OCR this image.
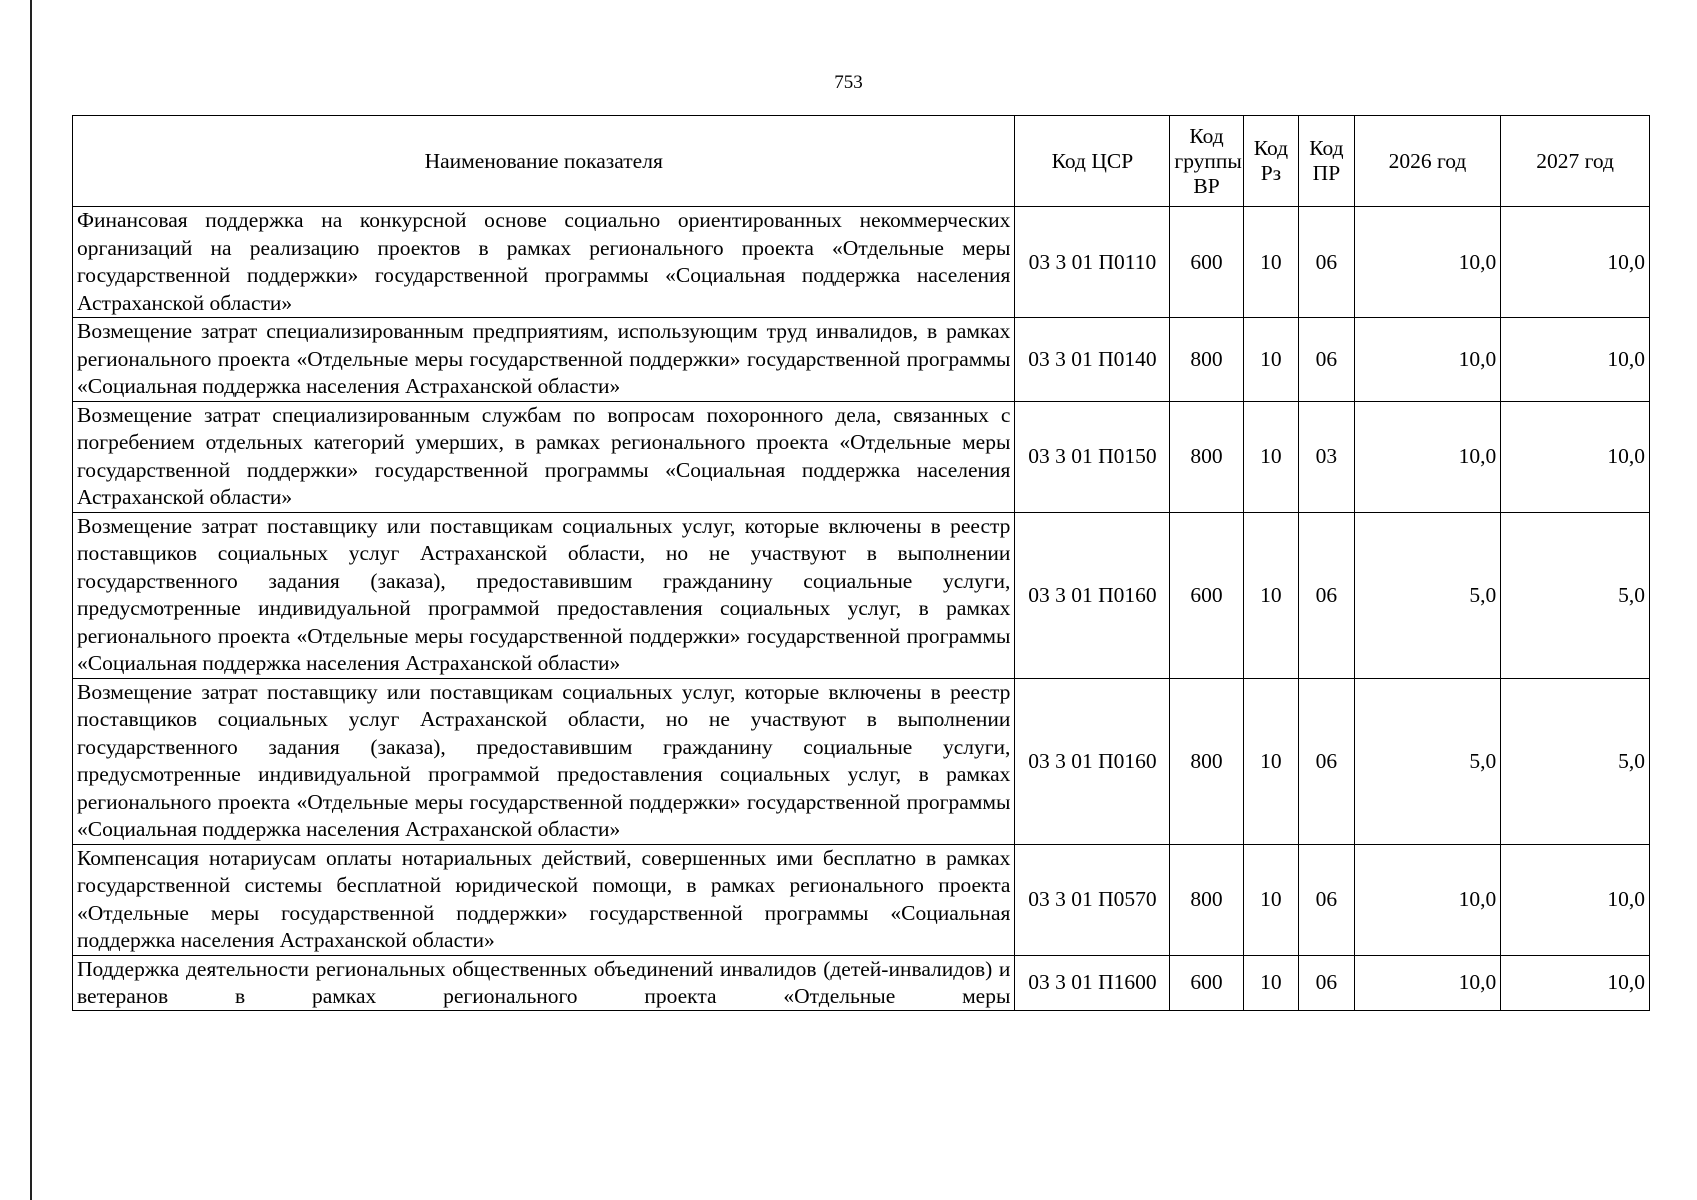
753
Наименование показателя	Код ЦСР	Код группы ВР	Код Рз	Код ПР	2026 год	2027 год
Финансовая поддержка на конкурсной основе социально ориентированных некоммерческих организаций на реализацию проектов в рамках регионального проекта «Отдельные меры государственной поддержки» государственной программы «Социальная поддержка населения Астраханской области»	03 3 01 П0110	600	10	06	10,0	10,0
Возмещение затрат специализированным предприятиям, использующим труд инвалидов, в рамках регионального проекта «Отдельные меры государственной поддержки» государственной программы «Социальная поддержка населения Астраханской области»	03 3 01 П0140	800	10	06	10,0	10,0
Возмещение затрат специализированным службам по вопросам похоронного дела, связанных с погребением отдельных категорий умерших, в рамках регионального проекта «Отдельные меры государственной поддержки» государственной программы «Социальная поддержка населения Астраханской области»	03 3 01 П0150	800	10	03	10,0	10,0
Возмещение затрат поставщику или поставщикам социальных услуг, которые включены в реестр поставщиков социальных услуг Астраханской области, но не участвуют в выполнении государственного задания (заказа), предоставившим гражданину социальные услуги, предусмотренные индивидуальной программой предоставления социальных услуг, в рамках регионального проекта «Отдельные меры государственной поддержки» государственной программы «Социальная поддержка населения Астраханской области»	03 3 01 П0160	600	10	06	5,0	5,0
Возмещение затрат поставщику или поставщикам социальных услуг, которые включены в реестр поставщиков социальных услуг Астраханской области, но не участвуют в выполнении государственного задания (заказа), предоставившим гражданину социальные услуги, предусмотренные индивидуальной программой предоставления социальных услуг, в рамках регионального проекта «Отдельные меры государственной поддержки» государственной программы «Социальная поддержка населения Астраханской области»	03 3 01 П0160	800	10	06	5,0	5,0
Компенсация нотариусам оплаты нотариальных действий, совершенных ими бесплатно в рамках государственной системы бесплатной юридической помощи, в рамках регионального проекта «Отдельные меры государственной поддержки» государственной программы «Социальная поддержка населения Астраханской области»	03 3 01 П0570	800	10	06	10,0	10,0

Поддержка деятельности региональных общественных объединений инвалидов (детей-инвалидов) и ветеранов в рамках регионального проекта «Отдельные меры	03 3 01 П1600	600	10	06	10,0	10,0
